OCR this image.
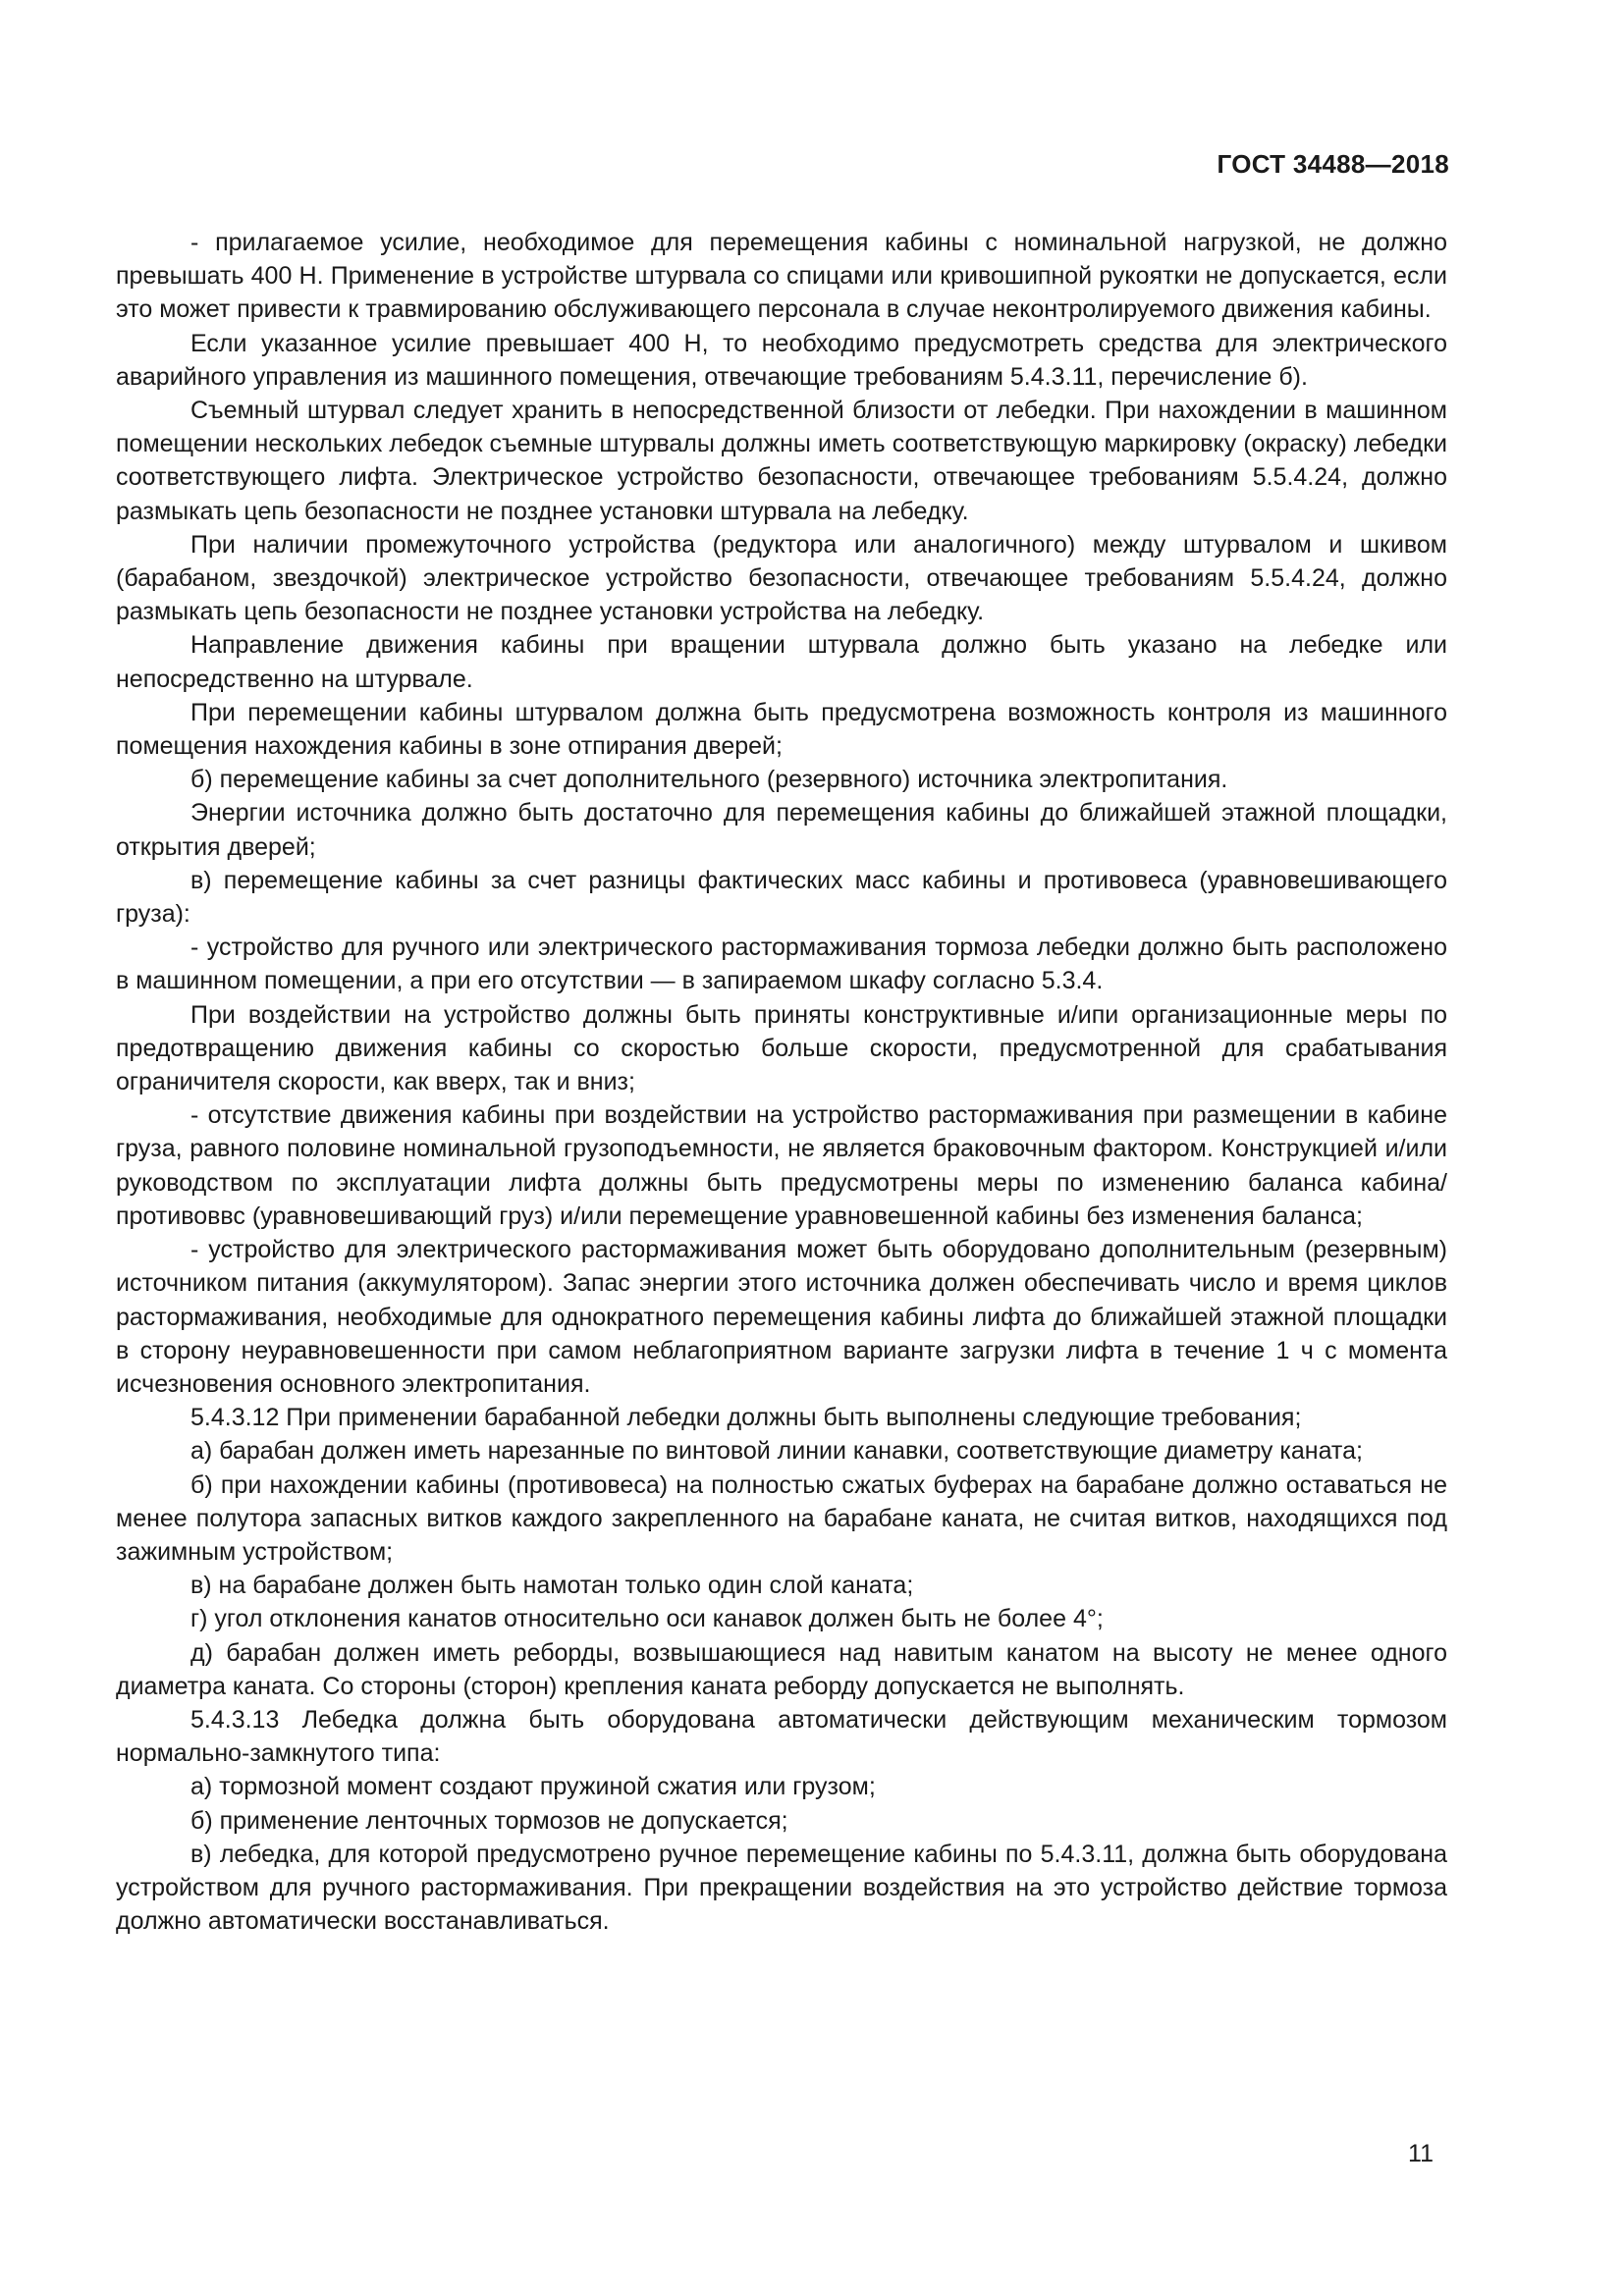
ГОСТ 34488—2018

- прилагаемое усилие, необходимое для перемещения кабины с номинальной нагрузкой, не должно превышать 400 Н. Применение в устройстве штурвала со спицами или кривошипной рукоятки не допускается, если это может привести к травмированию обслуживающего персонала в случае неконтролируемого движения кабины.

Если указанное усилие превышает 400 Н, то необходимо предусмотреть средства для электрического аварийного управления из машинного помещения, отвечающие требованиям 5.4.3.11, перечисление б).

Съемный штурвал следует хранить в непосредственной близости от лебедки. При нахождении в машинном помещении нескольких лебедок съемные штурвалы должны иметь соответствующую маркировку (окраску) лебедки соответствующего лифта. Электрическое устройство безопасности, отвечающее требованиям 5.5.4.24, должно размыкать цепь безопасности не позднее установки штурвала на лебедку.

При наличии промежуточного устройства (редуктора или аналогичного) между штурвалом и шкивом (барабаном, звездочкой) электрическое устройство безопасности, отвечающее требованиям 5.5.4.24, должно размыкать цепь безопасности не позднее установки устройства на лебедку.

Направление движения кабины при вращении штурвала должно быть указано на лебедке или непосредственно на штурвале.

При перемещении кабины штурвалом должна быть предусмотрена возможность контроля из машинного помещения нахождения кабины в зоне отпирания дверей;

б) перемещение кабины за счет дополнительного (резервного) источника электропитания.

Энергии источника должно быть достаточно для перемещения кабины до ближайшей этажной площадки, открытия дверей;

в) перемещение кабины за счет разницы фактических масс кабины и противовеса (уравновешивающего груза):

- устройство для ручного или электрического растормаживания тормоза лебедки должно быть расположено в машинном помещении, а при его отсутствии — в запираемом шкафу согласно 5.3.4.

При воздействии на устройство должны быть приняты конструктивные и/ипи организационные меры по предотвращению движения кабины со скоростью больше скорости, предусмотренной для срабатывания ограничителя скорости, как вверх, так и вниз;

- отсутствие движения кабины при воздействии на устройство растормаживания при размещении в кабине груза, равного половине номинальной грузоподъемности, не является браковочным фактором. Конструкцией и/или руководством по эксплуатации лифта должны быть предусмотрены меры по изменению баланса кабина/противоввс (уравновешивающий груз) и/или перемещение уравновешенной кабины без изменения баланса;

- устройство для электрического растормаживания может быть оборудовано дополнительным (резервным) источником питания (аккумулятором). Запас энергии этого источника должен обеспечивать число и время циклов растормаживания, необходимые для однократного перемещения кабины лифта до ближайшей этажной площадки в сторону неуравновешенности при самом неблагоприятном варианте загрузки лифта в течение 1 ч с момента исчезновения основного электропитания.

5.4.3.12 При применении барабанной лебедки должны быть выполнены следующие требования;

а) барабан должен иметь нарезанные по винтовой линии канавки, соответствующие диаметру каната;

б) при нахождении кабины (противовеса) на полностью сжатых буферах на барабане должно оставаться не менее полутора запасных витков каждого закрепленного на барабане каната, не считая витков, находящихся под зажимным устройством;

в) на барабане должен быть намотан только один слой каната;

г) угол отклонения канатов относительно оси канавок должен быть не более 4°;

д) барабан должен иметь реборды, возвышающиеся над навитым канатом на высоту не менее одного диаметра каната. Со стороны (сторон) крепления каната реборду допускается не выполнять.

5.4.3.13 Лебедка должна быть оборудована автоматически действующим механическим тормозом нормально-замкнутого типа:

а) тормозной момент создают пружиной сжатия или грузом;

б) применение ленточных тормозов не допускается;

в) лебедка, для которой предусмотрено ручное перемещение кабины по 5.4.3.11, должна быть оборудована устройством для ручного растормаживания. При прекращении воздействия на это устройство действие тормоза должно автоматически восстанавливаться.

11
